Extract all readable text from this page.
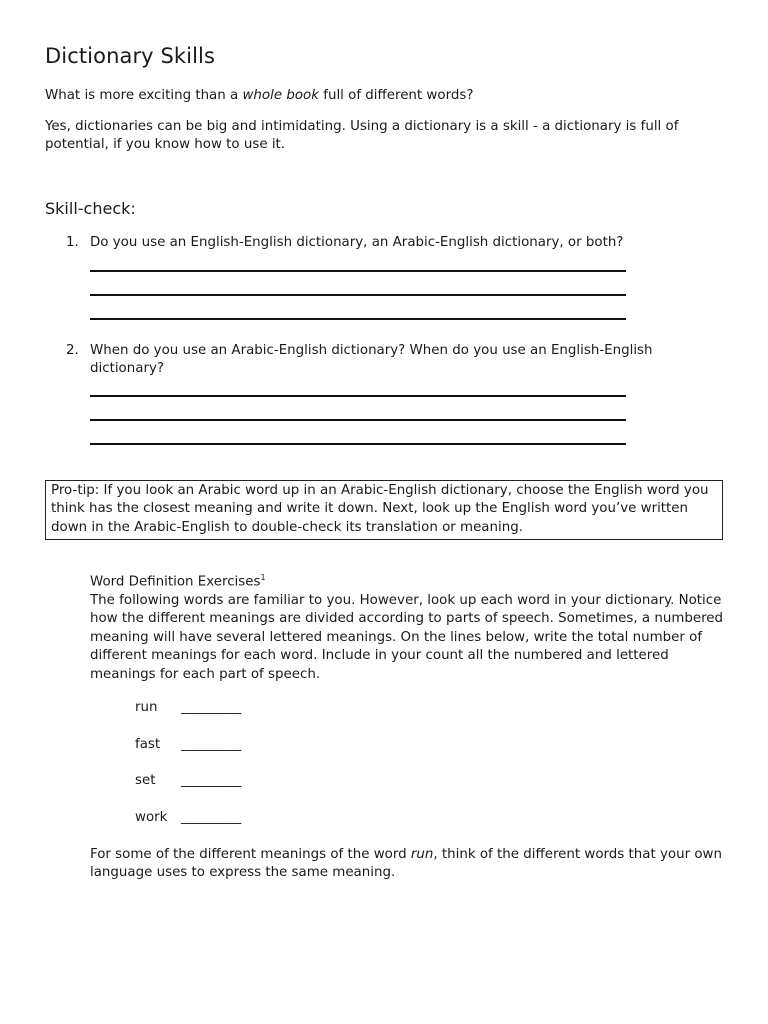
Dictionary Skills

What is more exciting than a whole book full of different words?

Yes, dictionaries can be big and intimidating. Using a dictionary is a skill - a dictionary is full of potential, if you know how to use it.

Skill-check:
1. Do you use an English-English dictionary, an Arabic-English dictionary, or both?
2. When do you use an Arabic-English dictionary? When do you use an English-English dictionary?
Pro-tip: If you look an Arabic word up in an Arabic-English dictionary, choose the English word you think has the closest meaning and write it down. Next, look up the English word you’ve written down in the Arabic-English to double-check its translation or meaning.
Word Definition Exercises$^1$
The following words are familiar to you. However, look up each word in your dictionary. Notice how the different meanings are divided according to parts of speech. Sometimes, a numbered meaning will have several lettered meanings. On the lines below, write the total number of different meanings for each word. Include in your count all the numbered and lettered meanings for each part of speech.
run _________
fast _________
set _________
work _________

For some of the different meanings of the word run, think of the different words that your own language uses to express the same meaning.
